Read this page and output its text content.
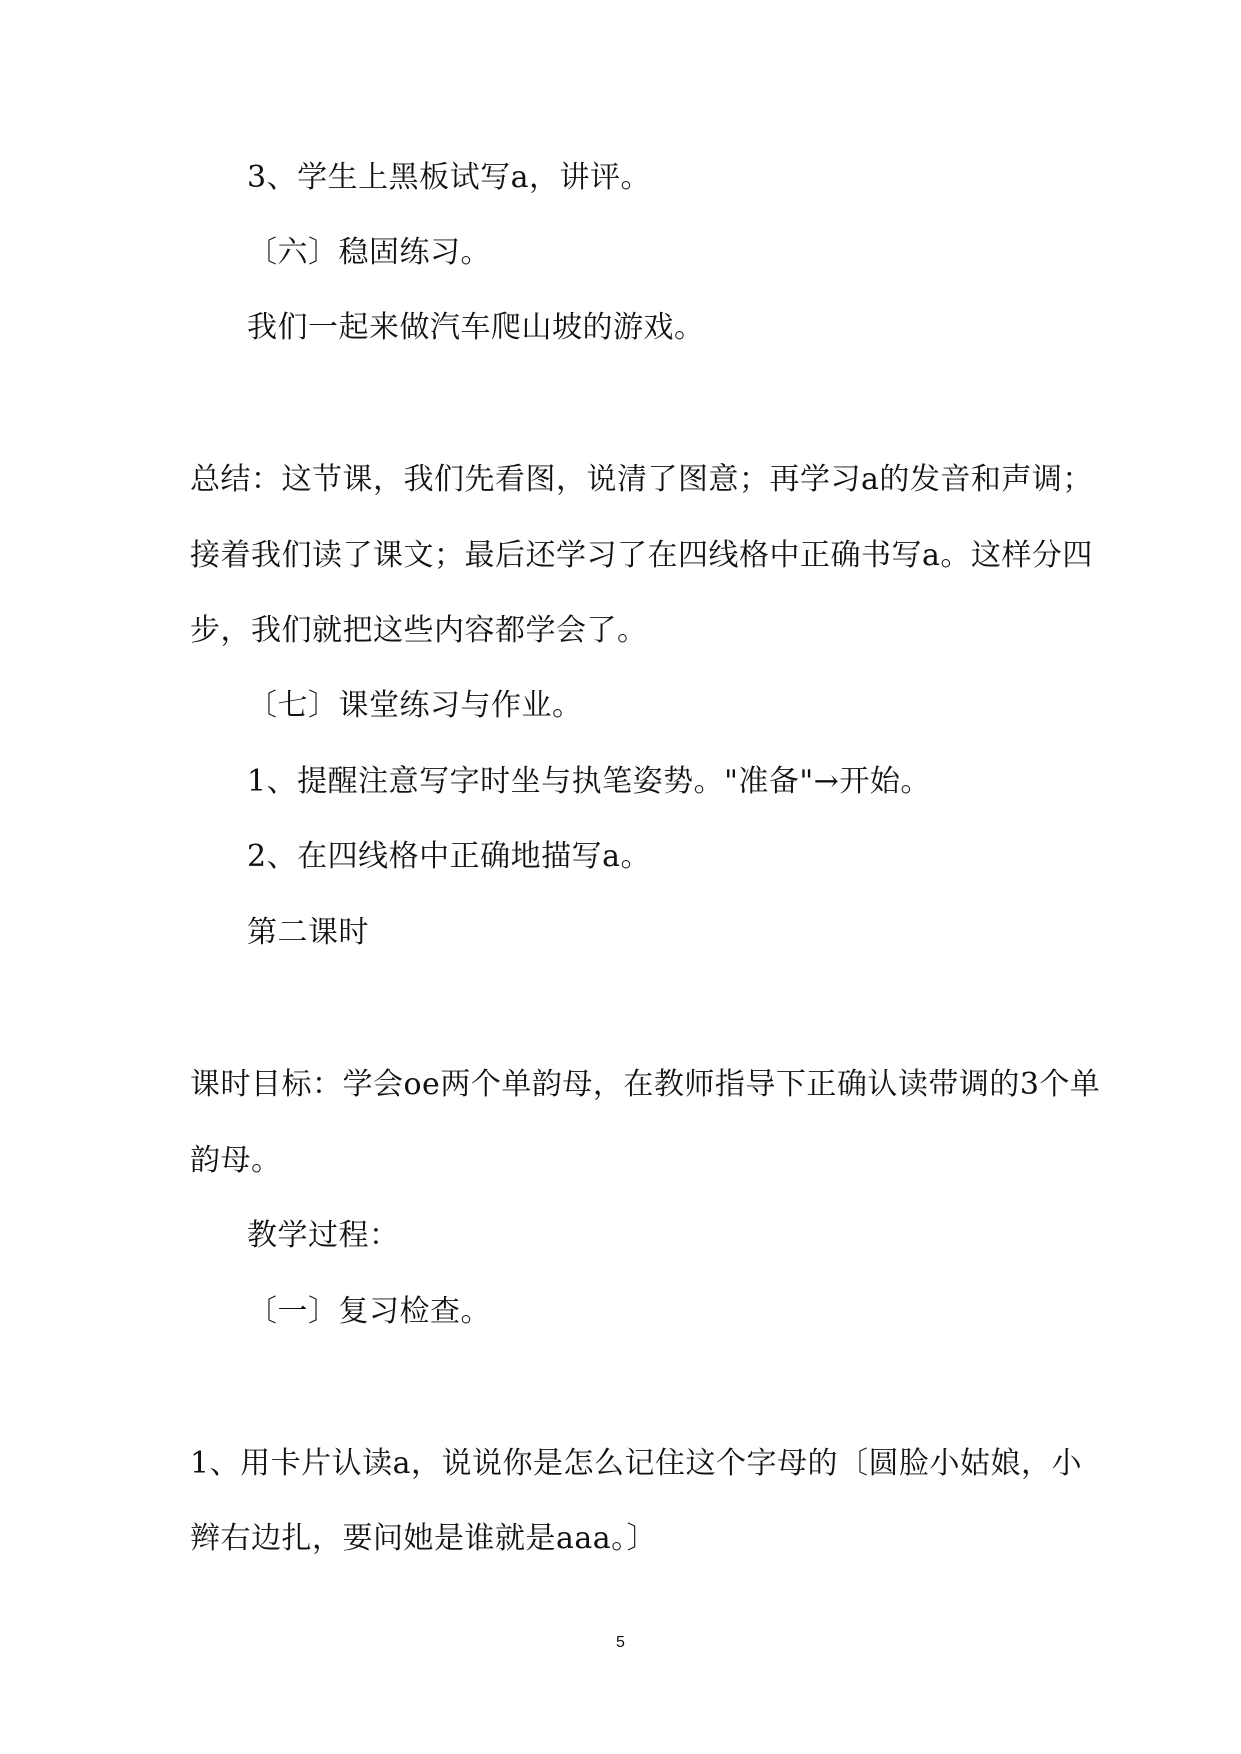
3、学生上黑板试写a，讲评。
〔六〕稳固练习。
我们一起来做汽车爬山坡的游戏。
总结：这节课，我们先看图，说清了图意；再学习a的发音和声调；
接着我们读了课文；最后还学习了在四线格中正确书写a。这样分四
步，我们就把这些内容都学会了。
〔七〕课堂练习与作业。
1、提醒注意写字时坐与执笔姿势。"准备"→开始。
2、在四线格中正确地描写a。
第二课时
课时目标：学会oe两个单韵母，在教师指导下正确认读带调的3个单
韵母。
教学过程：
〔一〕复习检查。
1、用卡片认读a，说说你是怎么记住这个字母的〔圆脸小姑娘，小
辫右边扎，要问她是谁就是aaa。〕
5
